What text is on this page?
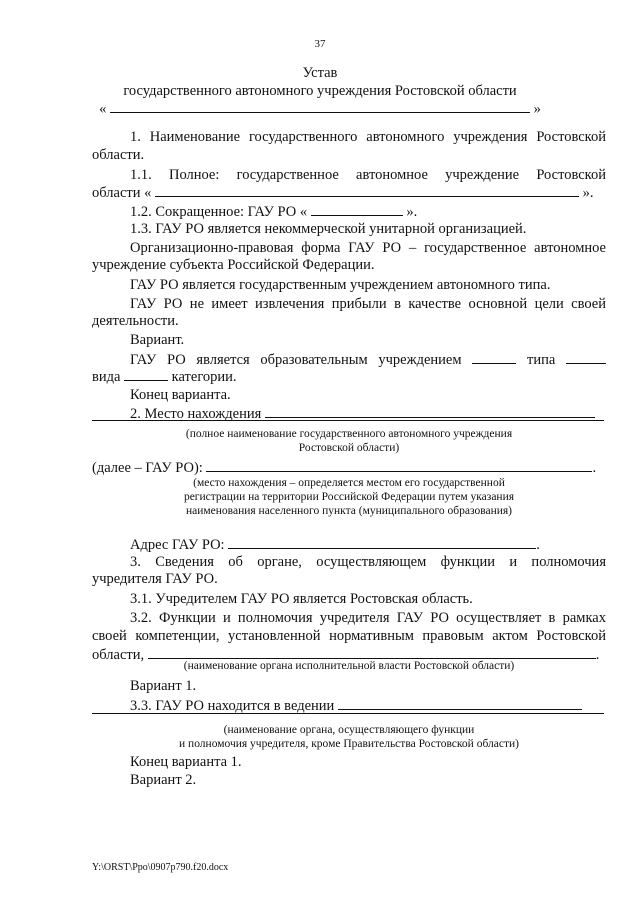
37
Устав
государственного автономного учреждения Ростовской области
«	»
1. Наименование государственного автономного учреждения Ростовской
области.
1.1. Полное: государственное автономное учреждение Ростовской
области «	».
1.2. Сокращенное: ГАУ РО «	».
1.3. ГАУ РО является некоммерческой унитарной организацией.
Организационно-правовая форма ГАУ РО – государственное автономное
учреждение субъекта Российской Федерации.
ГАУ РО является государственным учреждением автономного типа.
ГАУ РО не имеет извлечения прибыли в качестве основной цели своей
деятельности.
Вариант.
ГАУ РО является образовательным учреждением	типа
вида	категории.
Конец варианта.
2. Место нахождения
(полное наименование государственного автономного учреждения
Ростовской области)
(далее – ГАУ РО):	.
(место нахождения – определяется местом его государственной
регистрации на территории Российской Федерации путем указания
наименования населенного пункта (муниципального образования)
Адрес ГАУ РО:	.
3. Сведения об органе, осуществляющем функции и полномочия
учредителя ГАУ РО.
3.1. Учредителем ГАУ РО является Ростовская область.
3.2. Функции и полномочия учредителя ГАУ РО осуществляет в рамках
своей компетенции, установленной нормативным правовым актом Ростовской
области,	.
(наименование органа исполнительной власти Ростовской области)
Вариант 1.
3.3. ГАУ РО находится в ведении
(наименование органа, осуществляющего функции
и полномочия учредителя, кроме Правительства Ростовской области)
Конец варианта 1.
Вариант 2.
Y:\ORST\Ppo\0907p790.f20.docx
